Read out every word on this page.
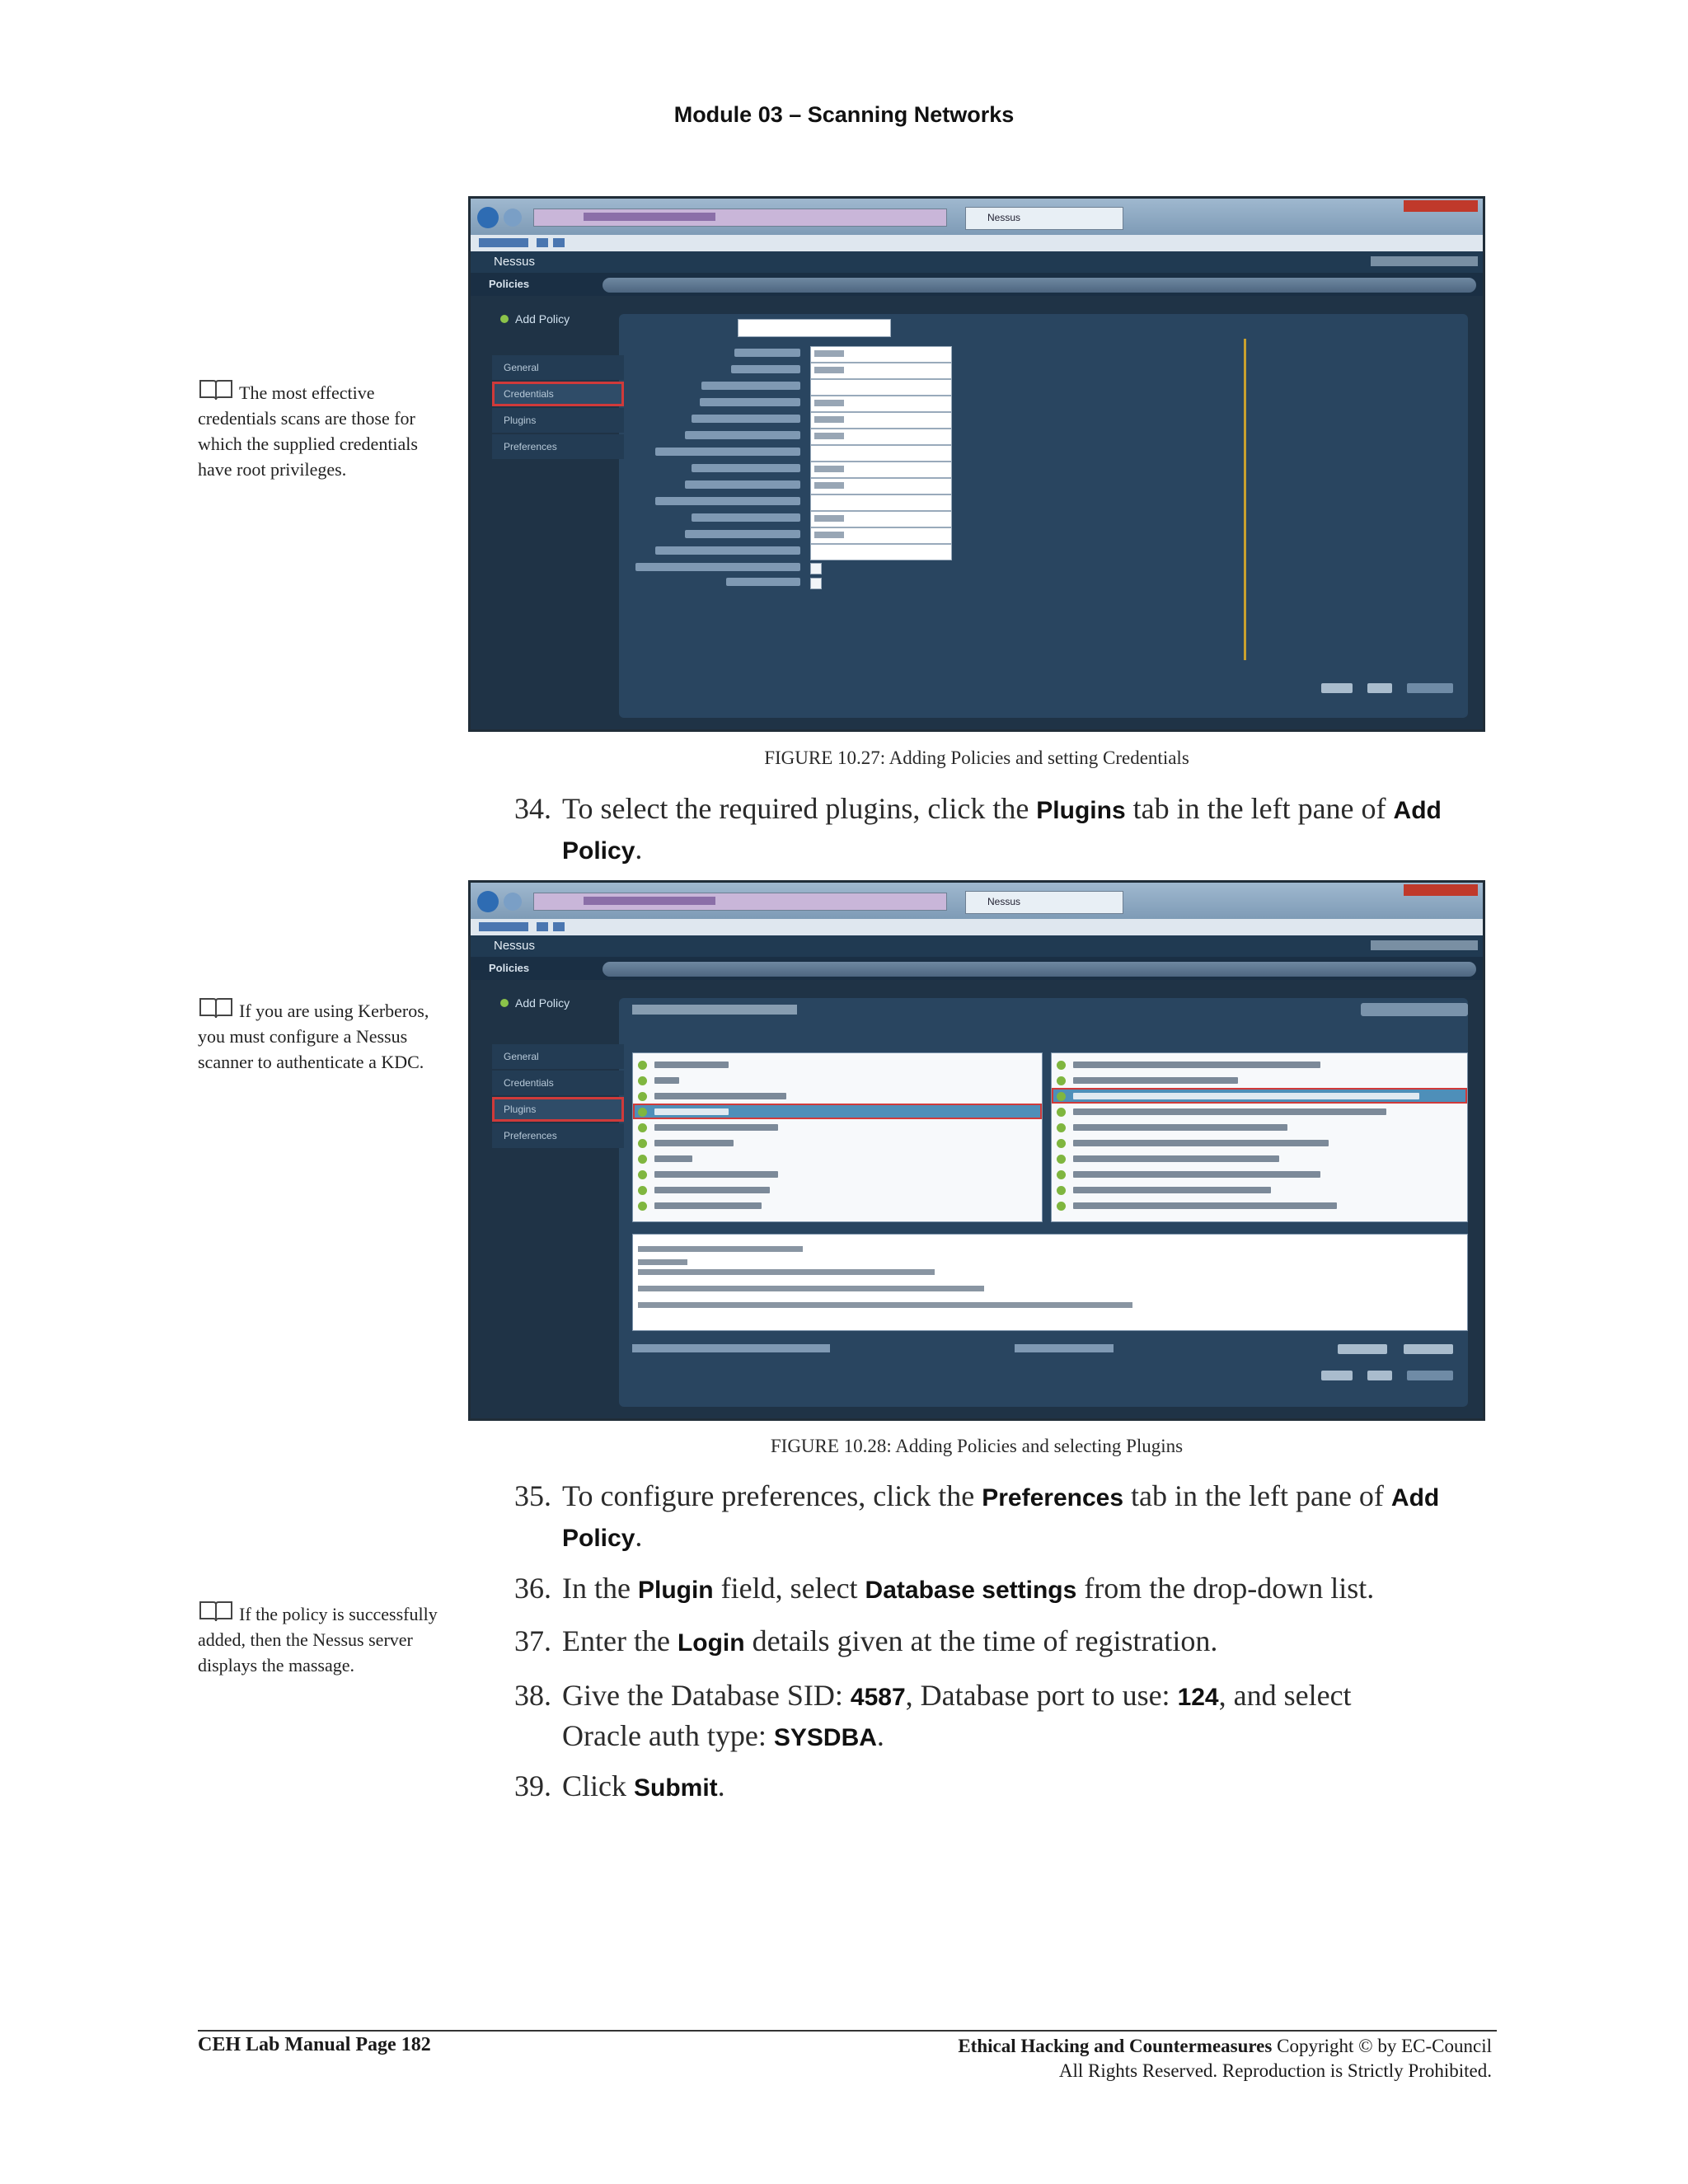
Module 03 – Scanning Networks
The most effective credentials scans are those for which the supplied credentials have root privileges.
If you are using Kerberos, you must configure a Nessus scanner to authenticate a KDC.
If the policy is successfully added, then the Nessus server displays the massage.
Nessus
Nessus
Policies
Add Policy
General
Credentials
Plugins
Preferences
FIGURE 10.27: Adding Policies and setting Credentials
34. To select the required plugins, click the Plugins tab in the left pane of Add Policy.
Nessus
Nessus
Policies
Add Policy
General
Credentials
Plugins
Preferences
FIGURE 10.28: Adding Policies and selecting Plugins
35. To configure preferences, click the Preferences tab in the left pane of Add Policy.
36. In the Plugin field, select Database settings from the drop-down list.
37. Enter the Login details given at the time of registration.
38. Give the Database SID: 4587, Database port to use: 124, and select
Oracle auth type: SYSDBA.
39. Click Submit.
CEH Lab Manual Page 182	Ethical Hacking and Countermeasures Copyright © by EC-Council
All Rights Reserved. Reproduction is Strictly Prohibited.
